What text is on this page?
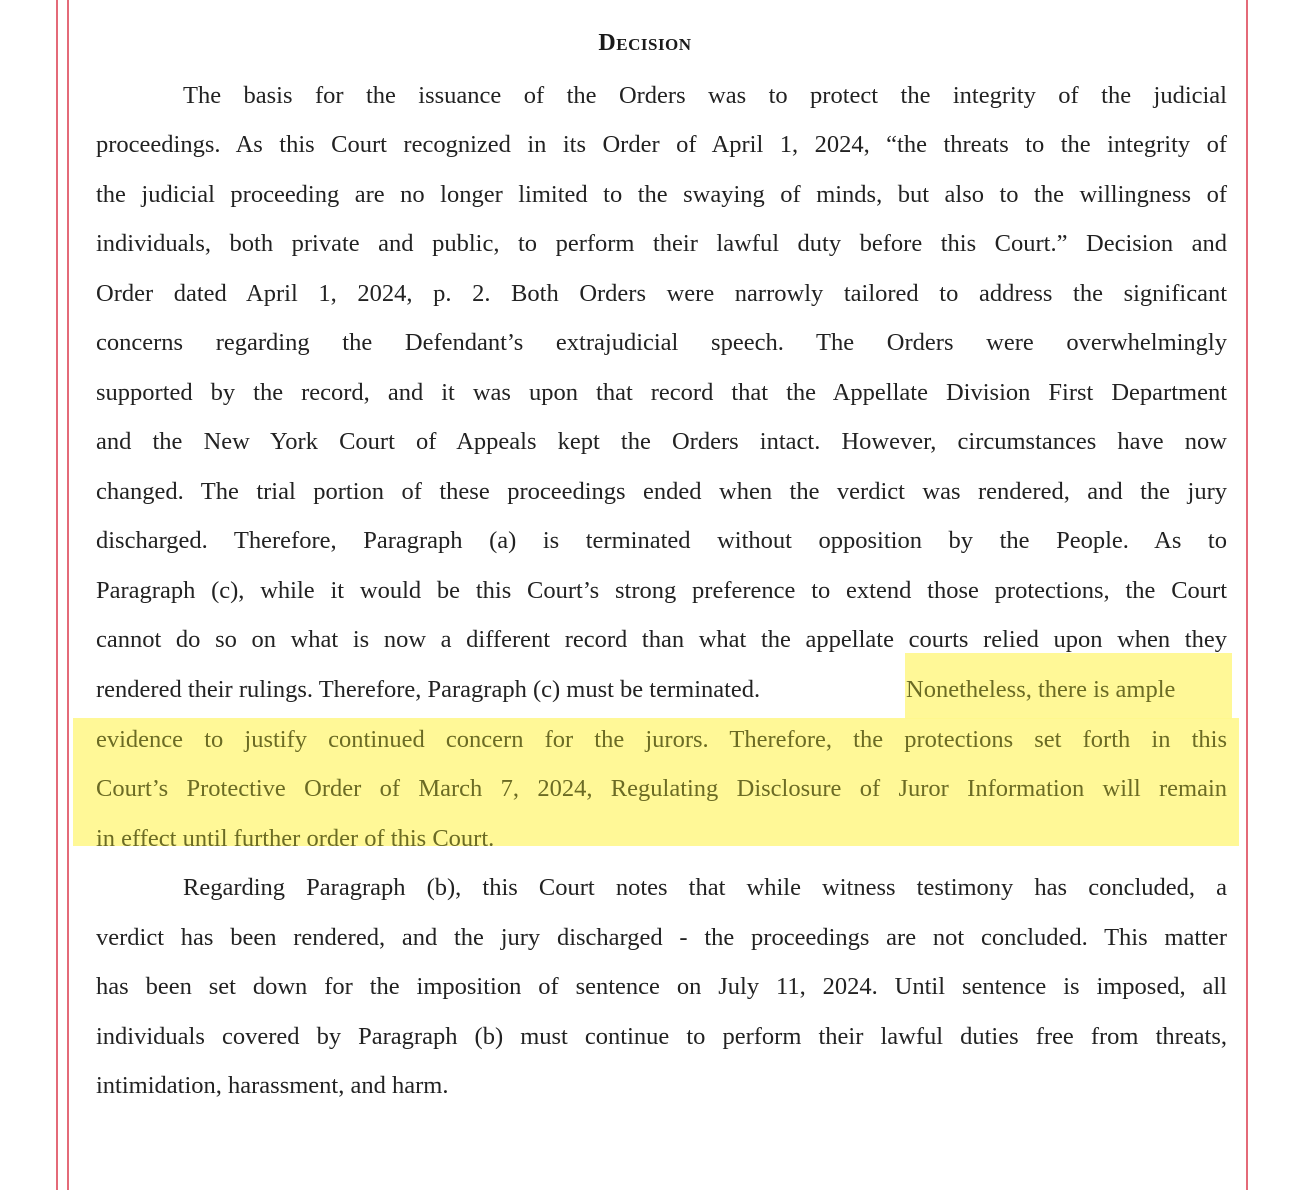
Decision
The basis for the issuance of the Orders was to protect the integrity of the judicial
proceedings. As this Court recognized in its Order of April 1, 2024, “the threats to the integrity of
the judicial proceeding are no longer limited to the swaying of minds, but also to the willingness of
individuals, both private and public, to perform their lawful duty before this Court.” Decision and
Order dated April 1, 2024, p. 2. Both Orders were narrowly tailored to address the significant
concerns regarding the Defendant’s extrajudicial speech. The Orders were overwhelmingly
supported by the record, and it was upon that record that the Appellate Division First Department
and the New York Court of Appeals kept the Orders intact. However, circumstances have now
changed. The trial portion of these proceedings ended when the verdict was rendered, and the jury
discharged. Therefore, Paragraph (a) is terminated without opposition by the People. As to
Paragraph (c), while it would be this Court’s strong preference to extend those protections, the Court
cannot do so on what is now a different record than what the appellate courts relied upon when they
rendered their rulings. Therefore, Paragraph (c) must be terminated.	Nonetheless, there is ample
evidence to justify continued concern for the jurors. Therefore, the protections set forth in this
Court’s Protective Order of March 7, 2024, Regulating Disclosure of Juror Information will remain
in effect until further order of this Court.
Regarding Paragraph (b), this Court notes that while witness testimony has concluded, a
verdict has been rendered, and the jury discharged - the proceedings are not concluded. This matter
has been set down for the imposition of sentence on July 11, 2024. Until sentence is imposed, all
individuals covered by Paragraph (b) must continue to perform their lawful duties free from threats,
intimidation, harassment, and harm.
